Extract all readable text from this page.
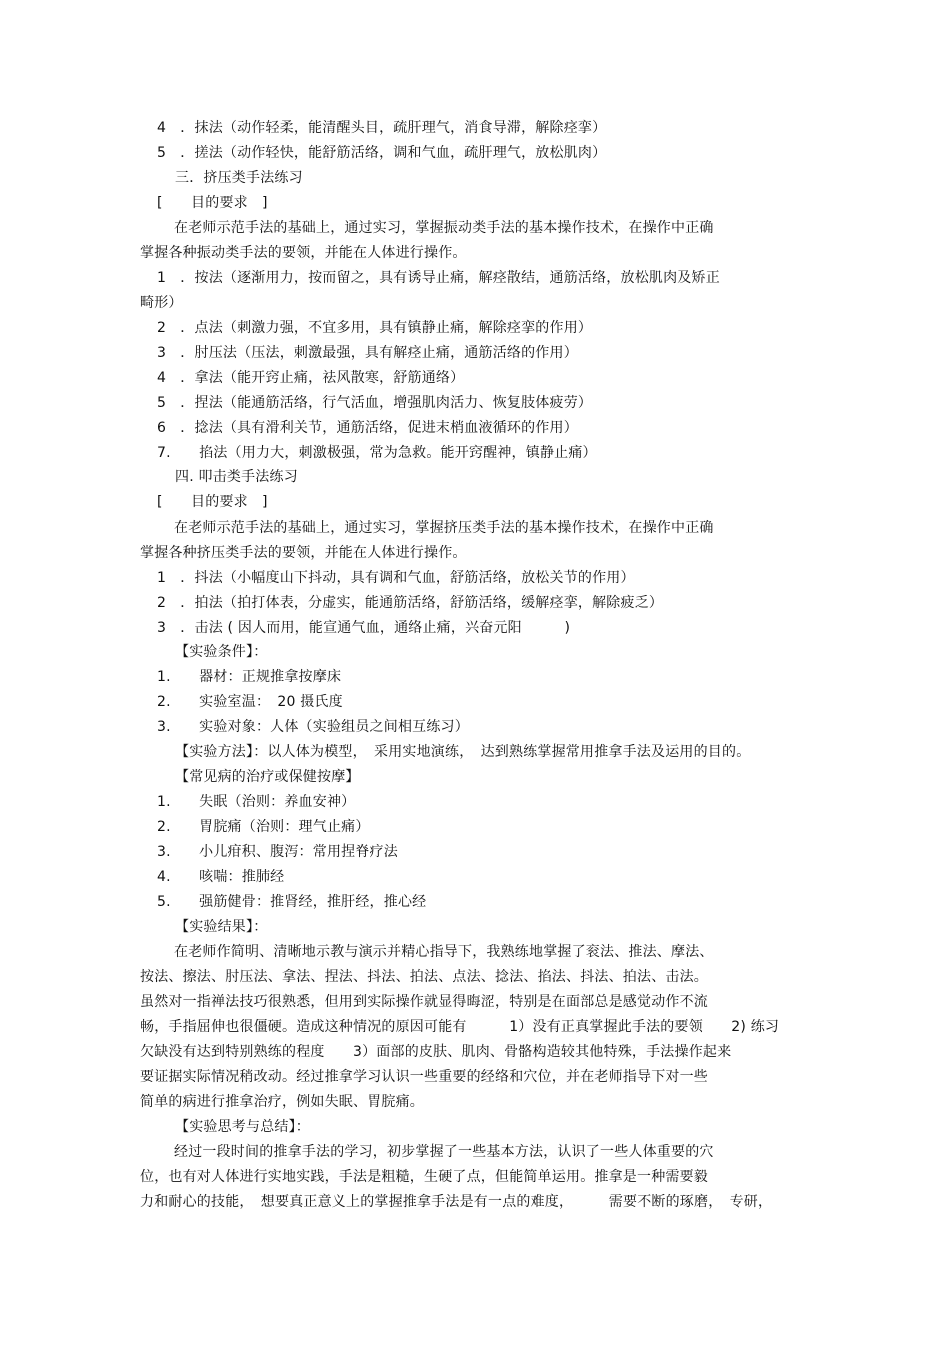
4　．抹法（动作轻柔，能清醒头目，疏肝理气，消食导滞，解除痉挛）
5　．搓法（动作轻快，能舒筋活络，调和气血，疏肝理气，放松肌肉）
三．挤压类手法练习
[　　目的要求　]
在老师示范手法的基础上，通过实习，掌握振动类手法的基本操作技术，在操作中正确
掌握各种振动类手法的要领，并能在人体进行操作。
1　．按法（逐渐用力，按而留之，具有诱导止痛，解痉散结，通筋活络，放松肌肉及矫正
畸形）
2　．点法（刺激力强，不宜多用，具有镇静止痛，解除痉挛的作用）
3　．肘压法（压法，刺激最强，具有解痉止痛，通筋活络的作用）
4　．拿法（能开窍止痛，祛风散寒，舒筋通络）
5　．捏法（能通筋活络，行气活血，增强肌肉活力、恢复肢体疲劳）
6　．捻法（具有滑利关节，通筋活络，促进末梢血液循环的作用）
7.　　掐法（用力大，刺激极强，常为急救。能开窍醒神，镇静止痛）
四. 叩击类手法练习
[　　目的要求　]
在老师示范手法的基础上，通过实习，掌握挤压类手法的基本操作技术，在操作中正确
掌握各种挤压类手法的要领，并能在人体进行操作。
1　．抖法（小幅度山下抖动，具有调和气血，舒筋活络，放松关节的作用）
2　．拍法（拍打体表，分虚实，能通筋活络，舒筋活络，缓解痉挛，解除疲乏）
3　．击法 ( 因人而用，能宣通气血，通络止痛，兴奋元阳　　　)
【实验条件】：
1.　　器材：正规推拿按摩床
2.　　实验室温：　20 摄氏度
3.　　实验对象：人体（实验组员之间相互练习）
【实验方法】：以人体为模型，　采用实地演练，　达到熟练掌握常用推拿手法及运用的目的。
【常见病的治疗或保健按摩】
1.　　失眠（治则：养血安神）
2.　　胃脘痛（治则：理气止痛）
3.　　小儿疳积、腹泻：常用捏脊疗法
4.　　咳喘：推肺经
5.　　强筋健骨：推肾经，推肝经，推心经
【实验结果】：
在老师作简明、清晰地示教与演示并精心指导下，我熟练地掌握了衮法、推法、摩法、
按法、擦法、肘压法、拿法、捏法、抖法、拍法、点法、捻法、掐法、抖法、拍法、击法。
虽然对一指禅法技巧很熟悉，但用到实际操作就显得晦涩，特别是在面部总是感觉动作不流
畅，手指屈伸也很僵硬。造成这种情况的原因可能有　　　1）没有正真掌握此手法的要领　　2) 练习
欠缺没有达到特别熟练的程度　　3）面部的皮肤、肌肉、骨骼构造较其他特殊，手法操作起来
要证据实际情况稍改动。经过推拿学习认识一些重要的经络和穴位，并在老师指导下对一些
简单的病进行推拿治疗，例如失眠、胃脘痛。
【实验思考与总结】：
经过一段时间的推拿手法的学习，初步掌握了一些基本方法，认识了一些人体重要的穴
位，也有对人体进行实地实践，手法是粗糙，生硬了点，但能简单运用。推拿是一种需要毅
力和耐心的技能，　想要真正意义上的掌握推拿手法是有一点的难度，　　　需要不断的琢磨，　专研，
